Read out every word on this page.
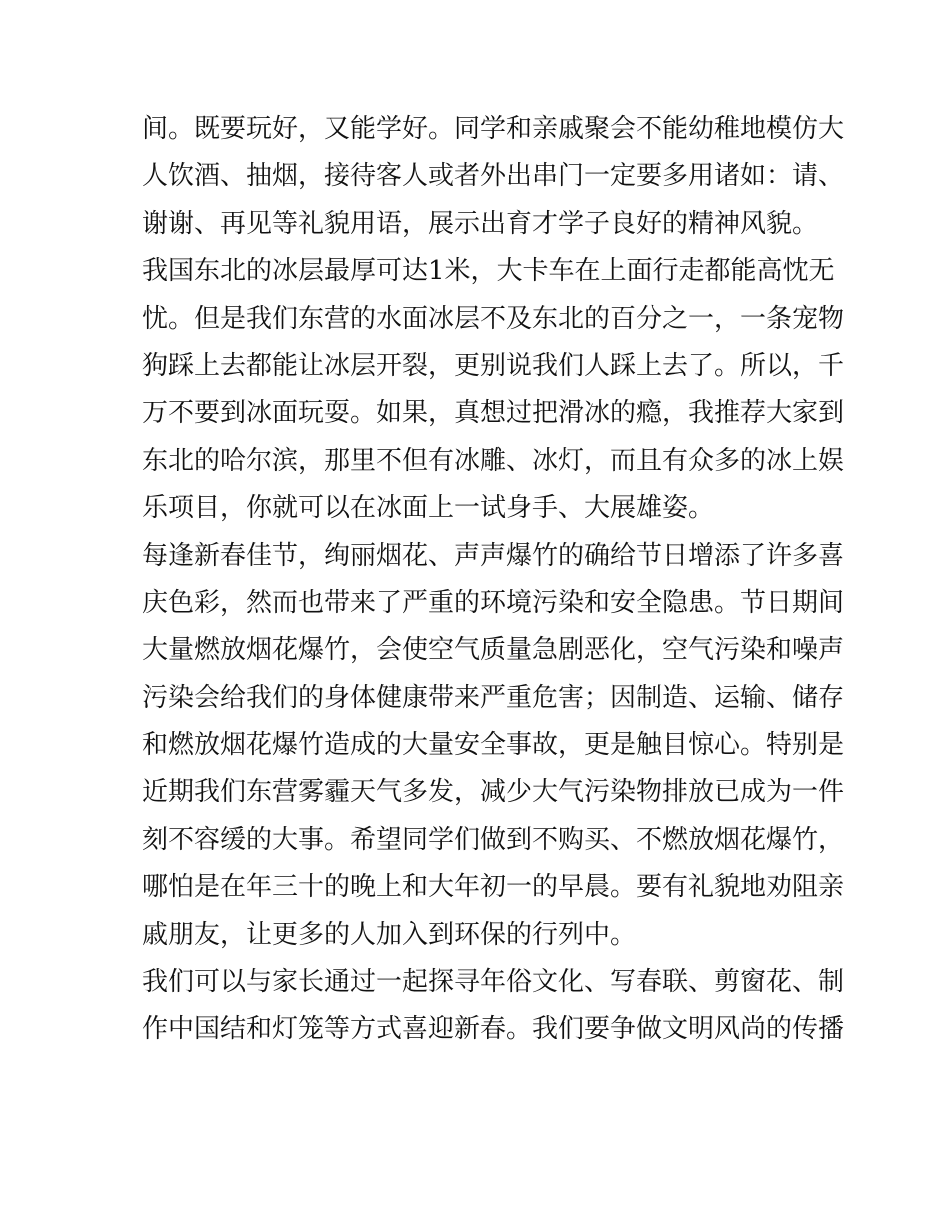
间。既要玩好，又能学好。同学和亲戚聚会不能幼稚地模仿大
人饮酒、抽烟，接待客人或者外出串门一定要多用诸如：请、
谢谢、再见等礼貌用语，展示出育才学子良好的精神风貌。
我国东北的冰层最厚可达1米，大卡车在上面行走都能高忱无
忧。但是我们东营的水面冰层不及东北的百分之一，一条宠物
狗踩上去都能让冰层开裂，更别说我们人踩上去了。所以，千
万不要到冰面玩耍。如果，真想过把滑冰的瘾，我推荐大家到
东北的哈尔滨，那里不但有冰雕、冰灯，而且有众多的冰上娱
乐项目，你就可以在冰面上一试身手、大展雄姿。
每逢新春佳节，绚丽烟花、声声爆竹的确给节日增添了许多喜
庆色彩，然而也带来了严重的环境污染和安全隐患。节日期间
大量燃放烟花爆竹，会使空气质量急剧恶化，空气污染和噪声
污染会给我们的身体健康带来严重危害；因制造、运输、储存
和燃放烟花爆竹造成的大量安全事故，更是触目惊心。特别是
近期我们东营雾霾天气多发，减少大气污染物排放已成为一件
刻不容缓的大事。希望同学们做到不购买、不燃放烟花爆竹，
哪怕是在年三十的晚上和大年初一的早晨。要有礼貌地劝阻亲
戚朋友，让更多的人加入到环保的行列中。
我们可以与家长通过一起探寻年俗文化、写春联、剪窗花、制
作中国结和灯笼等方式喜迎新春。我们要争做文明风尚的传播
